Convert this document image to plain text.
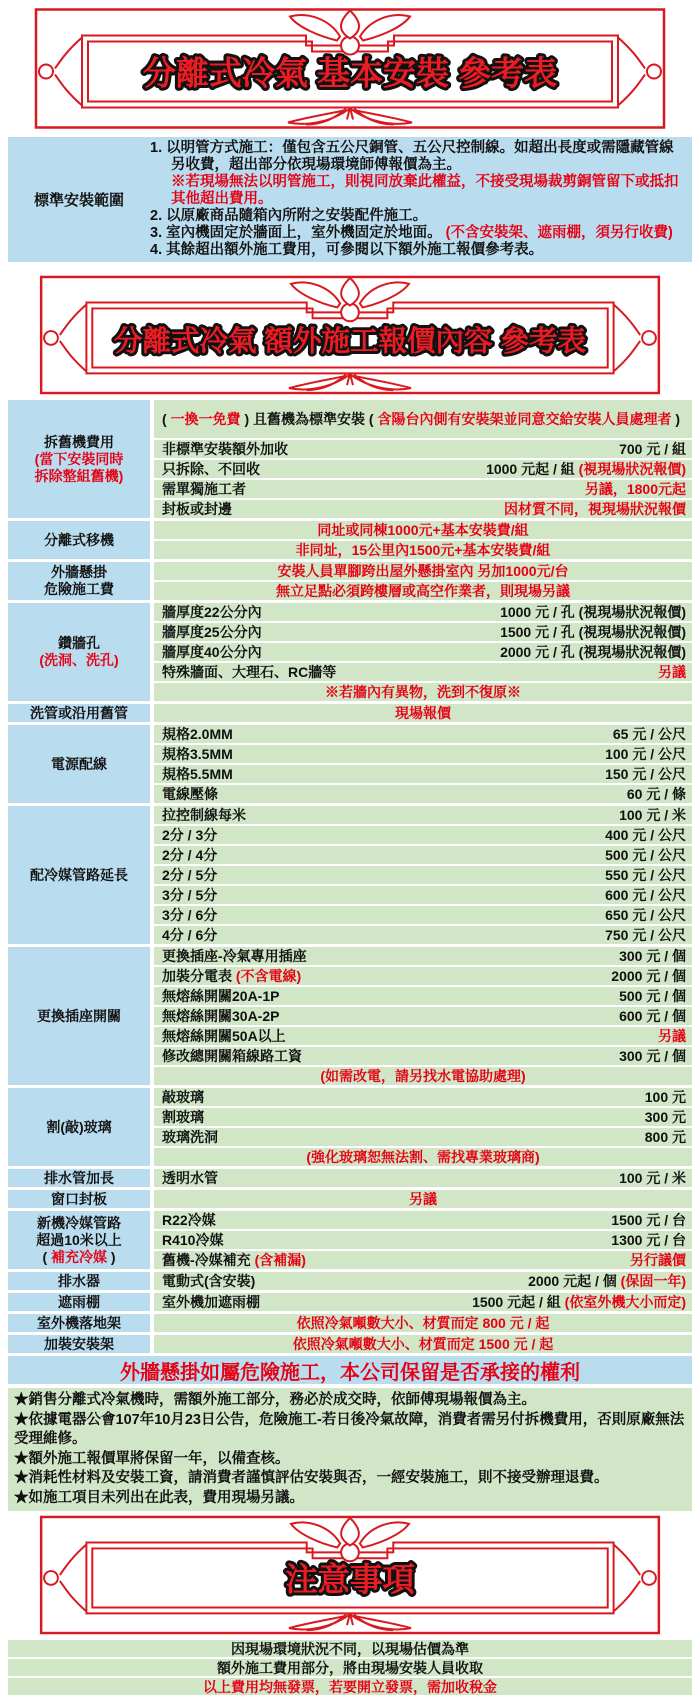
分離式冷氣 基本安裝 參考表
標準安裝範圍
1. 以明管方式施工：僅包含五公尺銅管、五公尺控制線。如超出長度或需隱藏管線另收費，超出部分依現場環境師傅報價為主。
※若現場無法以明管施工，則視同放棄此權益，不接受現場裁剪銅管留下或抵扣其他超出費用。
2. 以原廠商品隨箱內所附之安裝配件施工。
3. 室內機固定於牆面上，室外機固定於地面。 (不含安裝架、遮雨棚，須另行收費)
4. 其餘超出額外施工費用，可參閱以下額外施工報價參考表。
分離式冷氣 額外施工報價內容 參考表
拆舊機費用
(當下安裝同時
拆除整組舊機)
( 一換一免費 ) 且舊機為標準安裝 ( 含陽台內側有安裝架並同意交給安裝人員處理者 )
非標準安裝額外加收	700 元 / 組
只拆除、不回收	1000 元起 / 組 (視現場狀況報價)
需單獨施工者	另議，1800元起
封板或封邊	因材質不同，視現場狀況報價
分離式移機
同址或同棟1000元+基本安裝費/組
非同址，15公里內1500元+基本安裝費/組
外牆懸掛
危險施工費
安裝人員單腳跨出屋外懸掛室內 另加1000元/台
無立足點必須跨樓層或高空作業者，則現場另議
鑽牆孔
(洗洞、洗孔)
牆厚度22公分內	1000 元 / 孔 (視現場狀況報價)
牆厚度25公分內	1500 元 / 孔 (視現場狀況報價)
牆厚度40公分內	2000 元 / 孔 (視現場狀況報價)
特殊牆面、大理石、RC牆等	另議
※若牆內有異物，洗到不復原※
洗管或沿用舊管	現場報價
電源配線
規格2.0MM	65 元 / 公尺
規格3.5MM	100 元 / 公尺
規格5.5MM	150 元 / 公尺
電線壓條	60 元 / 條
配冷媒管路延長
拉控制線每米	100 元 / 米
2分 / 3分	400 元 / 公尺
2分 / 4分	500 元 / 公尺
2分 / 5分	550 元 / 公尺
3分 / 5分	600 元 / 公尺
3分 / 6分	650 元 / 公尺
4分 / 6分	750 元 / 公尺
更換插座開關
更換插座-冷氣專用插座	300 元 / 個
加裝分電表 (不含電線)	2000 元 / 個
無熔絲開關20A-1P	500 元 / 個
無熔絲開關30A-2P	600 元 / 個
無熔絲開關50A以上	另議
修改總開關箱線路工資	300 元 / 個
(如需改電，請另找水電協助處理)
割(敲)玻璃
敲玻璃	100 元
割玻璃	300 元
玻璃洗洞	800 元
(強化玻璃恕無法割、需找專業玻璃商)
排水管加長	透明水管	100 元 / 米
窗口封板	另議
新機冷媒管路
超過10米以上
( 補充冷媒 )
R22冷媒	1500 元 / 台
R410冷媒	1300 元 / 台
舊機-冷媒補充 (含補漏)	另行議價
排水器	電動式(含安裝)	2000 元起 / 個 (保固一年)
遮雨棚	室外機加遮雨棚	1500 元起 / 組 (依室外機大小而定)
室外機落地架	依照冷氣噸數大小、材質而定 800 元 / 起
加裝安裝架	依照冷氣噸數大小、材質而定 1500 元 / 起
外牆懸掛如屬危險施工，本公司保留是否承接的權利
★銷售分離式冷氣機時，需額外施工部分，務必於成交時，依師傅現場報價為主。
★依據電器公會107年10月23日公告，危險施工-若日後冷氣故障，消費者需另付拆機費用，否則原廠無法受理維修。
★額外施工報價單將保留一年，以備查核。
★消耗性材料及安裝工資，請消費者謹慎評估安裝與否，一經安裝施工，則不接受辦理退費。
★如施工項目未列出在此表，費用現場另議。
注意事項
因現場環境狀況不同，以現場估價為準
額外施工費用部分，將由現場安裝人員收取
以上費用均無發票，若要開立發票，需加收稅金
